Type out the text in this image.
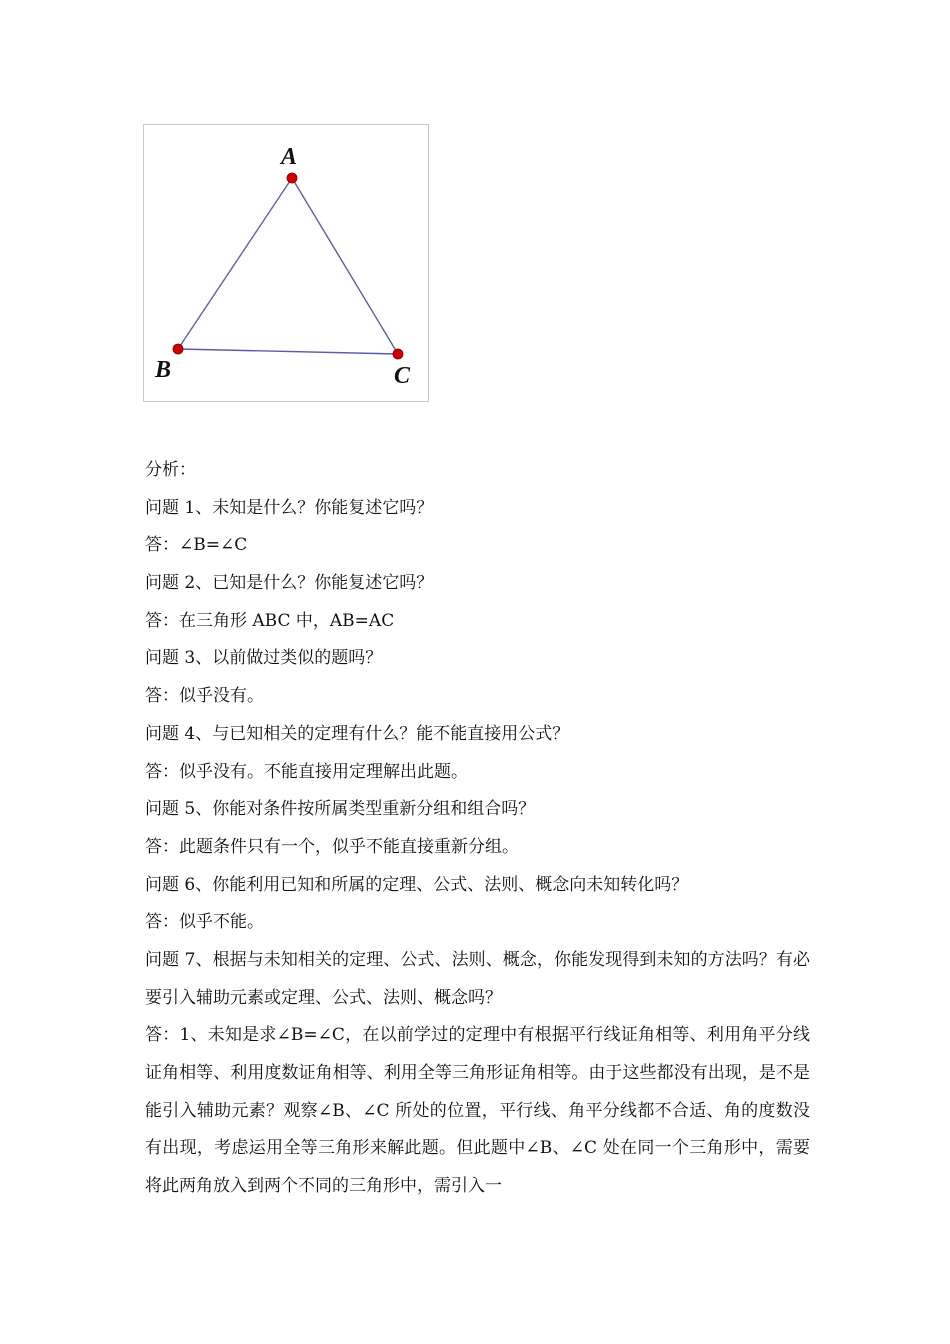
A
B	C
分析：
问题 1、未知是什么？你能复述它吗？
答：∠B=∠C
问题 2、已知是什么？你能复述它吗？
答：在三角形 ABC 中，AB=AC
问题 3、以前做过类似的题吗？
答：似乎没有。
问题 4、与已知相关的定理有什么？能不能直接用公式？
答：似乎没有。不能直接用定理解出此题。
问题 5、你能对条件按所属类型重新分组和组合吗？
答：此题条件只有一个，似乎不能直接重新分组。
问题 6、你能利用已知和所属的定理、公式、法则、概念向未知转化吗？
答：似乎不能。
问题 7、根据与未知相关的定理、公式、法则、概念，你能发现得到未知的方法吗？有必要引入辅助元素或定理、公式、法则、概念吗？
答：1、未知是求∠B=∠C，在以前学过的定理中有根据平行线证角相等、利用角平分线证角相等、利用度数证角相等、利用全等三角形证角相等。由于这些都没有出现，是不是能引入辅助元素？观察∠B、∠C 所处的位置，平行线、角平分线都不合适、角的度数没有出现，考虑运用全等三角形来解此题。但此题中∠B、∠C 处在同一个三角形中，需要将此两角放入到两个不同的三角形中，需引入一
